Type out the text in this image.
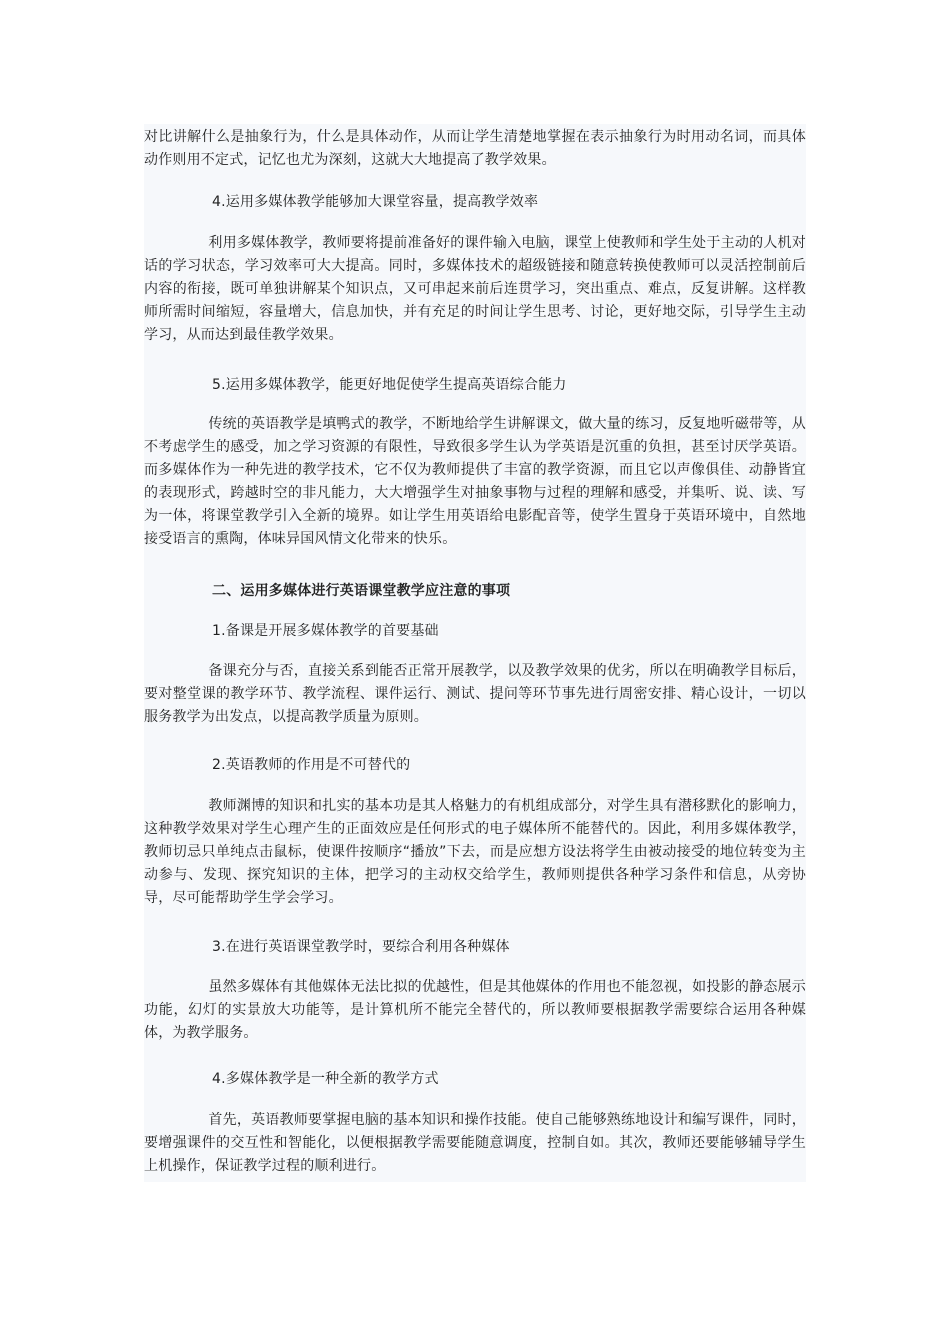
对比讲解什么是抽象行为，什么是具体动作，从而让学生清楚地掌握在表示抽象行为时用动名词，而具体动作则用不定式，记忆也尤为深刻，这就大大地提高了教学效果。

4.运用多媒体教学能够加大课堂容量，提高教学效率

利用多媒体教学，教师要将提前准备好的课件输入电脑，课堂上使教师和学生处于主动的人机对话的学习状态，学习效率可大大提高。同时，多媒体技术的超级链接和随意转换使教师可以灵活控制前后内容的衔接，既可单独讲解某个知识点，又可串起来前后连贯学习，突出重点、难点，反复讲解。这样教师所需时间缩短，容量增大，信息加快，并有充足的时间让学生思考、讨论，更好地交际，引导学生主动学习，从而达到最佳教学效果。

5.运用多媒体教学，能更好地促使学生提高英语综合能力

传统的英语教学是填鸭式的教学，不断地给学生讲解课文，做大量的练习，反复地听磁带等，从不考虑学生的感受，加之学习资源的有限性，导致很多学生认为学英语是沉重的负担，甚至讨厌学英语。而多媒体作为一种先进的教学技术，它不仅为教师提供了丰富的教学资源，而且它以声像俱佳、动静皆宜的表现形式，跨越时空的非凡能力，大大增强学生对抽象事物与过程的理解和感受，并集听、说、读、写为一体，将课堂教学引入全新的境界。如让学生用英语给电影配音等，使学生置身于英语环境中，自然地接受语言的熏陶，体味异国风情文化带来的快乐。

二、运用多媒体进行英语课堂教学应注意的事项

1.备课是开展多媒体教学的首要基础

备课充分与否，直接关系到能否正常开展教学，以及教学效果的优劣，所以在明确教学目标后，要对整堂课的教学环节、教学流程、课件运行、测试、提问等环节事先进行周密安排、精心设计，一切以服务教学为出发点，以提高教学质量为原则。

2.英语教师的作用是不可替代的

教师渊博的知识和扎实的基本功是其人格魅力的有机组成部分，对学生具有潜移默化的影响力，这种教学效果对学生心理产生的正面效应是任何形式的电子媒体所不能替代的。因此，利用多媒体教学，教师切忌只单纯点击鼠标，使课件按顺序“播放”下去，而是应想方设法将学生由被动接受的地位转变为主动参与、发现、探究知识的主体，把学习的主动权交给学生，教师则提供各种学习条件和信息，从旁协导，尽可能帮助学生学会学习。

3.在进行英语课堂教学时，要综合利用各种媒体

虽然多媒体有其他媒体无法比拟的优越性，但是其他媒体的作用也不能忽视，如投影的静态展示功能，幻灯的实景放大功能等，是计算机所不能完全替代的，所以教师要根据教学需要综合运用各种媒体，为教学服务。

4.多媒体教学是一种全新的教学方式

首先，英语教师要掌握电脑的基本知识和操作技能。使自己能够熟练地设计和编写课件，同时，要增强课件的交互性和智能化，以便根据教学需要能随意调度，控制自如。其次，教师还要能够辅导学生上机操作，保证教学过程的顺利进行。
